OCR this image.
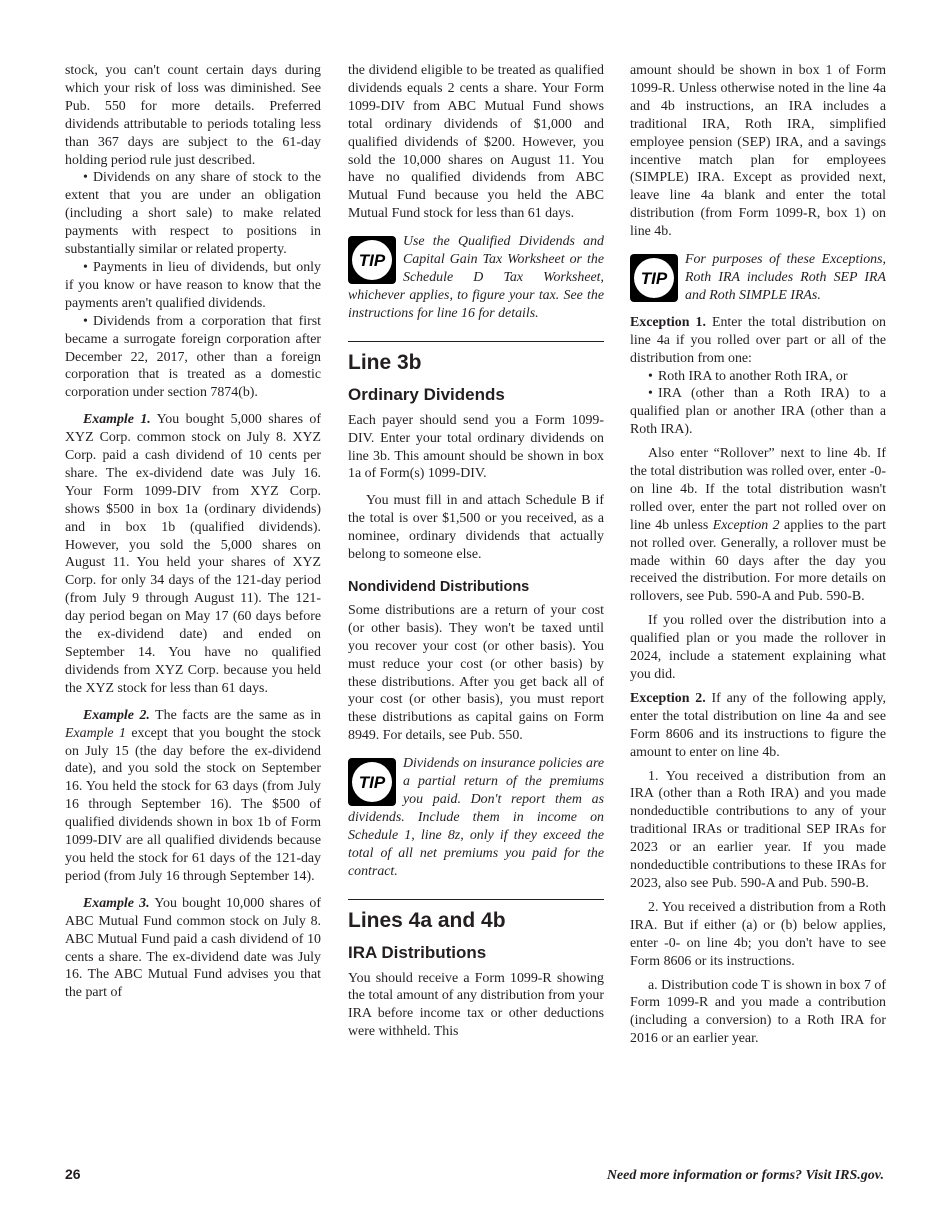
stock, you can't count certain days during which your risk of loss was diminished. See Pub. 550 for more details. Preferred dividends attributable to periods totaling less than 367 days are subject to the 61-day holding period rule just described.

• Dividends on any share of stock to the extent that you are under an obligation (including a short sale) to make related payments with respect to positions in substantially similar or related property.

• Payments in lieu of dividends, but only if you know or have reason to know that the payments aren't qualified dividends.

• Dividends from a corporation that first became a surrogate foreign corporation after December 22, 2017, other than a foreign corporation that is treated as a domestic corporation under section 7874(b).

Example 1. You bought 5,000 shares of XYZ Corp. common stock on July 8. XYZ Corp. paid a cash dividend of 10 cents per share. The ex-dividend date was July 16. Your Form 1099-DIV from XYZ Corp. shows $500 in box 1a (ordinary dividends) and in box 1b (qualified dividends). However, you sold the 5,000 shares on August 11. You held your shares of XYZ Corp. for only 34 days of the 121-day period (from July 9 through August 11). The 121-day period began on May 17 (60 days before the ex-dividend date) and ended on September 14. You have no qualified dividends from XYZ Corp. because you held the XYZ stock for less than 61 days.

Example 2. The facts are the same as in Example 1 except that you bought the stock on July 15 (the day before the ex-dividend date), and you sold the stock on September 16. You held the stock for 63 days (from July 16 through September 16). The $500 of qualified dividends shown in box 1b of Form 1099-DIV are all qualified dividends because you held the stock for 61 days of the 121-day period (from July 16 through September 14).

Example 3. You bought 10,000 shares of ABC Mutual Fund common stock on July 8. ABC Mutual Fund paid a cash dividend of 10 cents a share. The ex-dividend date was July 16. The ABC Mutual Fund advises you that the part of

the dividend eligible to be treated as qualified dividends equals 2 cents a share. Your Form 1099-DIV from ABC Mutual Fund shows total ordinary dividends of $1,000 and qualified dividends of $200. However, you sold the 10,000 shares on August 11. You have no qualified dividends from ABC Mutual Fund because you held the ABC Mutual Fund stock for less than 61 days.

TIP

Use the Qualified Dividends and Capital Gain Tax Worksheet or the Schedule D Tax Worksheet, whichever applies, to figure your tax. See the instructions for line 16 for details.

Line 3b
Ordinary Dividends

Each payer should send you a Form 1099-DIV. Enter your total ordinary dividends on line 3b. This amount should be shown in box 1a of Form(s) 1099-DIV.

You must fill in and attach Schedule B if the total is over $1,500 or you received, as a nominee, ordinary dividends that actually belong to someone else.

Nondividend Distributions

Some distributions are a return of your cost (or other basis). They won't be taxed until you recover your cost (or other basis). You must reduce your cost (or other basis) by these distributions. After you get back all of your cost (or other basis), you must report these distributions as capital gains on Form 8949. For details, see Pub. 550.

TIP

Dividends on insurance policies are a partial return of the premiums you paid. Don't report them as dividends. Include them in income on Schedule 1, line 8z, only if they exceed the total of all net premiums you paid for the contract.

Lines 4a and 4b
IRA Distributions

You should receive a Form 1099-R showing the total amount of any distribution from your IRA before income tax or other deductions were withheld. This

amount should be shown in box 1 of Form 1099-R. Unless otherwise noted in the line 4a and 4b instructions, an IRA includes a traditional IRA, Roth IRA, simplified employee pension (SEP) IRA, and a savings incentive match plan for employees (SIMPLE) IRA. Except as provided next, leave line 4a blank and enter the total distribution (from Form 1099-R, box 1) on line 4b.

TIP

For purposes of these Exceptions, Roth IRA includes Roth SEP IRA and Roth SIMPLE IRAs.

Exception 1. Enter the total distribution on line 4a if you rolled over part or all of the distribution from one:

• Roth IRA to another Roth IRA, or

• IRA (other than a Roth IRA) to a qualified plan or another IRA (other than a Roth IRA).

Also enter “Rollover” next to line 4b. If the total distribution was rolled over, enter -0- on line 4b. If the total distribution wasn't rolled over, enter the part not rolled over on line 4b unless Exception 2 applies to the part not rolled over. Generally, a rollover must be made within 60 days after the day you received the distribution. For more details on rollovers, see Pub. 590-A and Pub. 590-B.

If you rolled over the distribution into a qualified plan or you made the rollover in 2024, include a statement explaining what you did.

Exception 2. If any of the following apply, enter the total distribution on line 4a and see Form 8606 and its instructions to figure the amount to enter on line 4b.

1. You received a distribution from an IRA (other than a Roth IRA) and you made nondeductible contributions to any of your traditional IRAs or traditional SEP IRAs for 2023 or an earlier year. If you made nondeductible contributions to these IRAs for 2023, also see Pub. 590-A and Pub. 590-B.

2. You received a distribution from a Roth IRA. But if either (a) or (b) below applies, enter -0- on line 4b; you don't have to see Form 8606 or its instructions.

a. Distribution code T is shown in box 7 of Form 1099-R and you made a contribution (including a conversion) to a Roth IRA for 2016 or an earlier year.

26	Need more information or forms? Visit IRS.gov.
